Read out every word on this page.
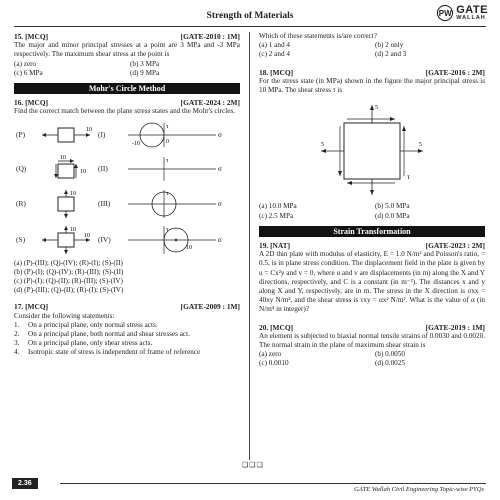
Strength of Materials	PW GATE
WALLAH
15. [MCQ]	[GATE-2010 : 1M]
The major and minor principal stresses at a point are 3 MPa and -3 MPa respectively. The maximum shear stress at the point is
(a) zero	(b) 3 MPa
(c) 6 MPa	(d) 9 MPa
Mohr's Circle Method
16. [MCQ]	[GATE-2024 : 2M]
Find the correct match between the plane stress states and the Mohr's circles.
(P)
10
(I)
-10	0
σ
τ
(Q)
10
10 (II)	σ
τ
(R)
10
(III)	σ
τ
(S)
10
10 (IV)
10
σ
τ
(a) (P)-(III); (Q)-(IV); (R)-(I); (S)-(II)
(b) (P)-(I); (Q)-(IV); (R)-(III); (S)-(II)
(c) (P)-(I); (Q)-(II); (R)-(III); (S)-(IV)
(d) (P)-(III); (Q)-(II); (R)-(I); (S)-(IV)
17. [MCQ]	[GATE-2009 : 1M]
Consider the following statements:
1.	On a principal plane, only normal stress acts.
2.	On a principal plane, both normal and shear stresses act.
3.	On a principal plane, only shear stress acts.
4.	Isotropic state of stress is independent of frame of reference
Which of these statements is/are correct?
(a) 1 and 4	(b) 2 only
(c) 2 and 4	(d) 2 and 3
18. [MCQ]	[GATE-2016 : 2M]
For the stress state (in MPa) shown in the figure the major principal stress is 10 MPa. The shear stress τ is
5
5	5
τ
(a) 10.0 MPa	(b) 5.0 MPa
(c) 2.5 MPa	(d) 0.0 MPa
Strain Transformation
19. [NAT]	[GATE-2023 : 2M]
A 2D thin plate with modulus of elasticity, E = 1.0 N/m² and Poisson's ratio, = 0.5, is in plane stress condition. The displacement field in the plate is given by u = Cx²y and v = 0, where u and v are displacements (in m) along the X and Y directions, respectively, and C is a constant (in m⁻²). The distances x and y along X and Y, respectively, are in m. The stress in the X direction is σxx = 40xy N/m², and the shear stress is τxy = αx² N/m². What is the value of α (in N/m⁴ in integer)?
20. [MCQ]	[GATE-2019 : 1M]
An element is subjected to biaxial normal tensile strains of 0.0030 and 0.0020. The normal strain in the plane of maximum shear strain is
(a) zero	(b) 0.0050
(c) 0.0010	(d) 0.0025
❑❑❑
2.36
GATE Wallah Civil Engineering Topic-wise PYQs
